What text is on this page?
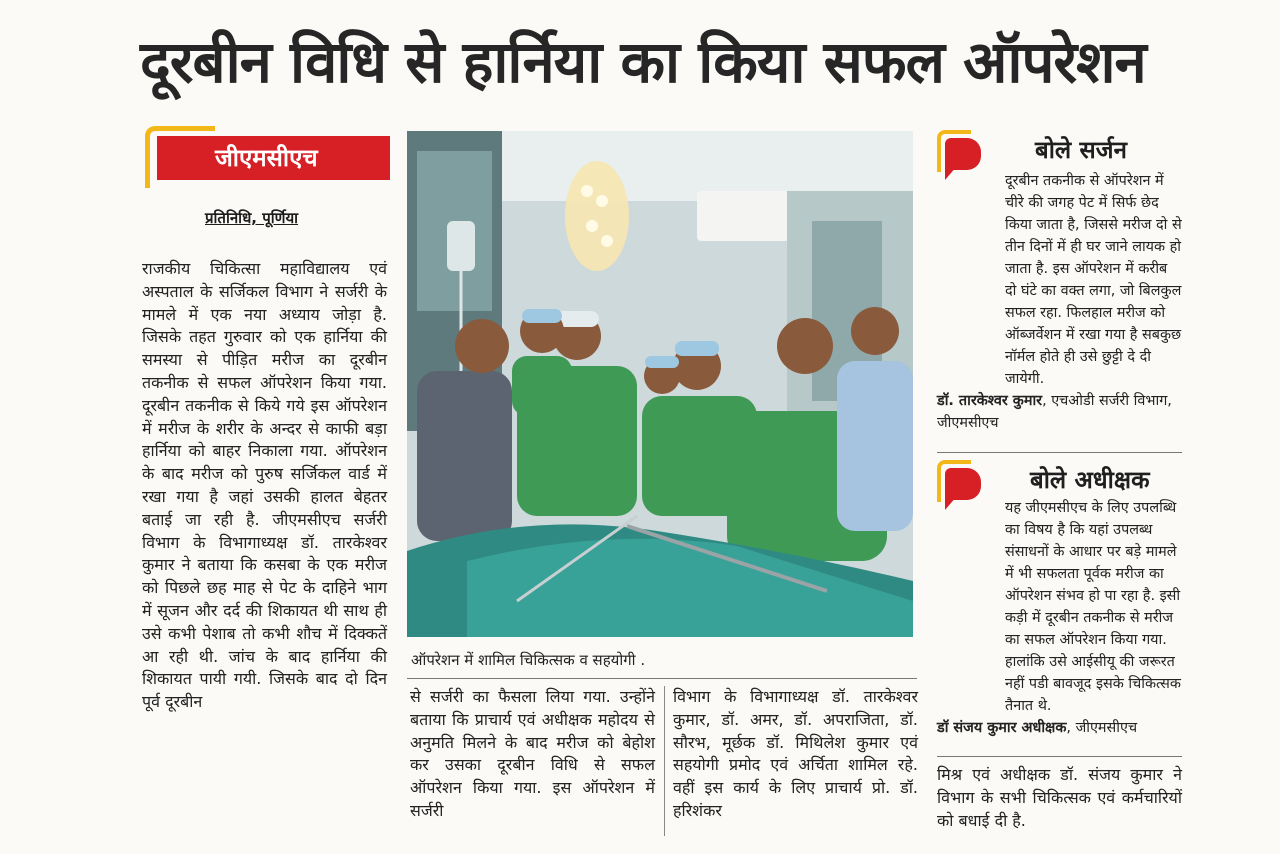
दूरबीन विधि से हार्निया का किया सफल ऑपरेशन
जीएमसीएच
प्रतिनिधि, पूर्णिया

राजकीय चिकित्सा महाविद्यालय एवं अस्पताल के सर्जिकल विभाग ने सर्जरी के मामले में एक नया अध्याय जोड़ा है. जिसके तहत गुरुवार को एक हार्निया की समस्या से पीड़ित मरीज का दूरबीन तकनीक से सफल ऑपरेशन किया गया. दूरबीन तकनीक से किये गये इस ऑपरेशन में मरीज के शरीर के अन्दर से काफी बड़ा हार्निया को बाहर निकाला गया. ऑपरेशन के बाद मरीज को पुरुष सर्जिकल वार्ड में रखा गया है जहां उसकी हालत बेहतर बताई जा रही है. जीएमसीएच सर्जरी विभाग के विभागाध्यक्ष डॉ. तारकेश्वर कुमार ने बताया कि कसबा के एक मरीज को पिछले छह माह से पेट के दाहिने भाग में सूजन और दर्द की शिकायत थी साथ ही उसे कभी पेशाब तो कभी शौच में दिक्कतें आ रही थी. जांच के बाद हार्निया की शिकायत पायी गयी. जिसके बाद दो दिन पूर्व दूरबीन

ऑपरेशन में शामिल चिकित्सक व सहयोगी .

से सर्जरी का फैसला लिया गया. उन्होंने बताया कि प्राचार्य एवं अधीक्षक महोदय से अनुमति मिलने के बाद मरीज को बेहोश कर उसका दूरबीन विधि से सफल ऑपरेशन किया गया. इस ऑपरेशन में सर्जरी

विभाग के विभागाध्यक्ष डॉ. तारकेश्वर कुमार, डॉ. अमर, डॉ. अपराजिता, डॉ. सौरभ, मूर्छक डॉ. मिथिलेश कुमार एवं सहयोगी प्रमोद एवं अर्चिता शामिल रहे. वहीं इस कार्य के लिए प्राचार्य प्रो. डॉ. हरिशंकर

बोले सर्जन

दूरबीन तकनीक से ऑपरेशन में चीरे की जगह पेट में सिर्फ छेद किया जाता है, जिससे मरीज दो से तीन दिनों में ही घर जाने लायक हो जाता है. इस ऑपरेशन में करीब दो घंटे का वक्त लगा, जो बिलकुल सफल रहा. फिलहाल मरीज को ऑब्जर्वेशन में रखा गया है सबकुछ नॉर्मल होते ही उसे छुट्टी दे दी जायेगी.

डॉ. तारकेश्वर कुमार, एचओडी सर्जरी विभाग, जीएमसीएच

बोले अधीक्षक

यह जीएमसीएच के लिए उपलब्धि का विषय है कि यहां उपलब्ध संसाधनों के आधार पर बड़े मामले में भी सफलता पूर्वक मरीज का ऑपरेशन संभव हो पा रहा है. इसी कड़ी में दूरबीन तकनीक से मरीज का सफल ऑपरेशन किया गया. हालांकि उसे आईसीयू की जरूरत नहीं पडी बावजूद इसके चिकित्सक तैनात थे.

डॉ संजय कुमार अधीक्षक, जीएमसीएच

मिश्र एवं अधीक्षक डॉ. संजय कुमार ने विभाग के सभी चिकित्सक एवं कर्मचारियों को बधाई दी है.
